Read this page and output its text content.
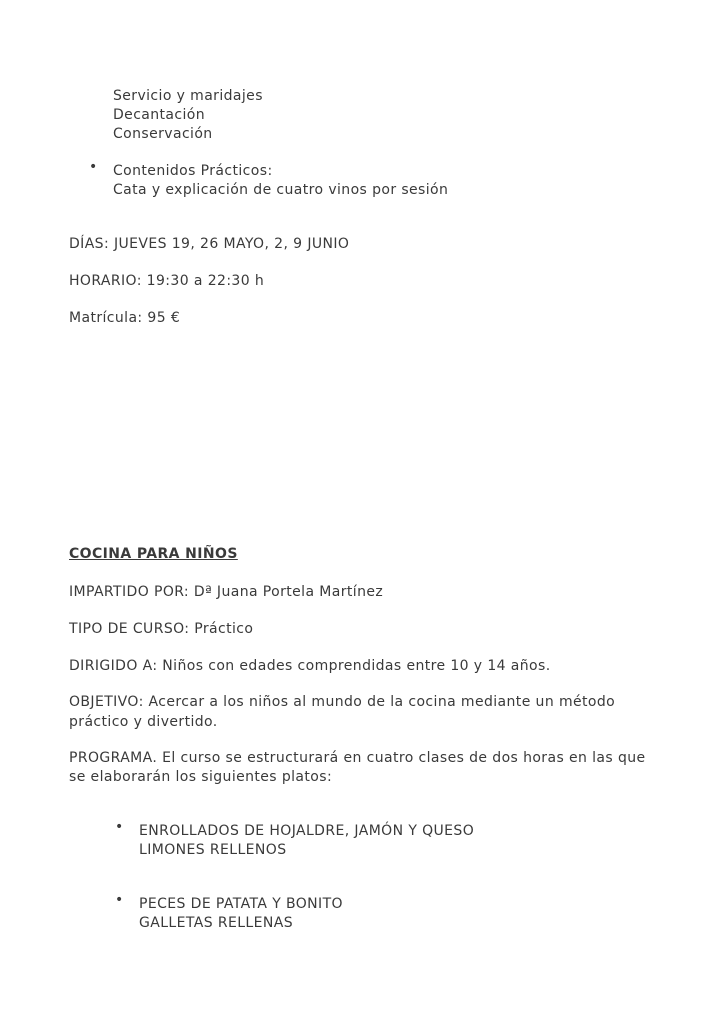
Servicio y maridajes
Decantación
Conservación
• Contenidos Prácticos:
Cata y explicación de cuatro vinos por sesión
DÍAS: JUEVES 19, 26 MAYO, 2, 9 JUNIO
HORARIO: 19:30 a 22:30 h
Matrícula: 95 €
COCINA PARA NIÑOS
IMPARTIDO POR: Dª Juana Portela Martínez
TIPO DE CURSO: Práctico
DIRIGIDO A: Niños con edades comprendidas entre 10 y 14 años.
OBJETIVO: Acercar a los niños al mundo de la cocina mediante un método
práctico y divertido.
PROGRAMA. El curso se estructurará en cuatro clases de dos horas en las que
se elaborarán los siguientes platos:
• ENROLLADOS DE HOJALDRE, JAMÓN Y QUESO
LIMONES RELLENOS
• PECES DE PATATA Y BONITO
GALLETAS RELLENAS
